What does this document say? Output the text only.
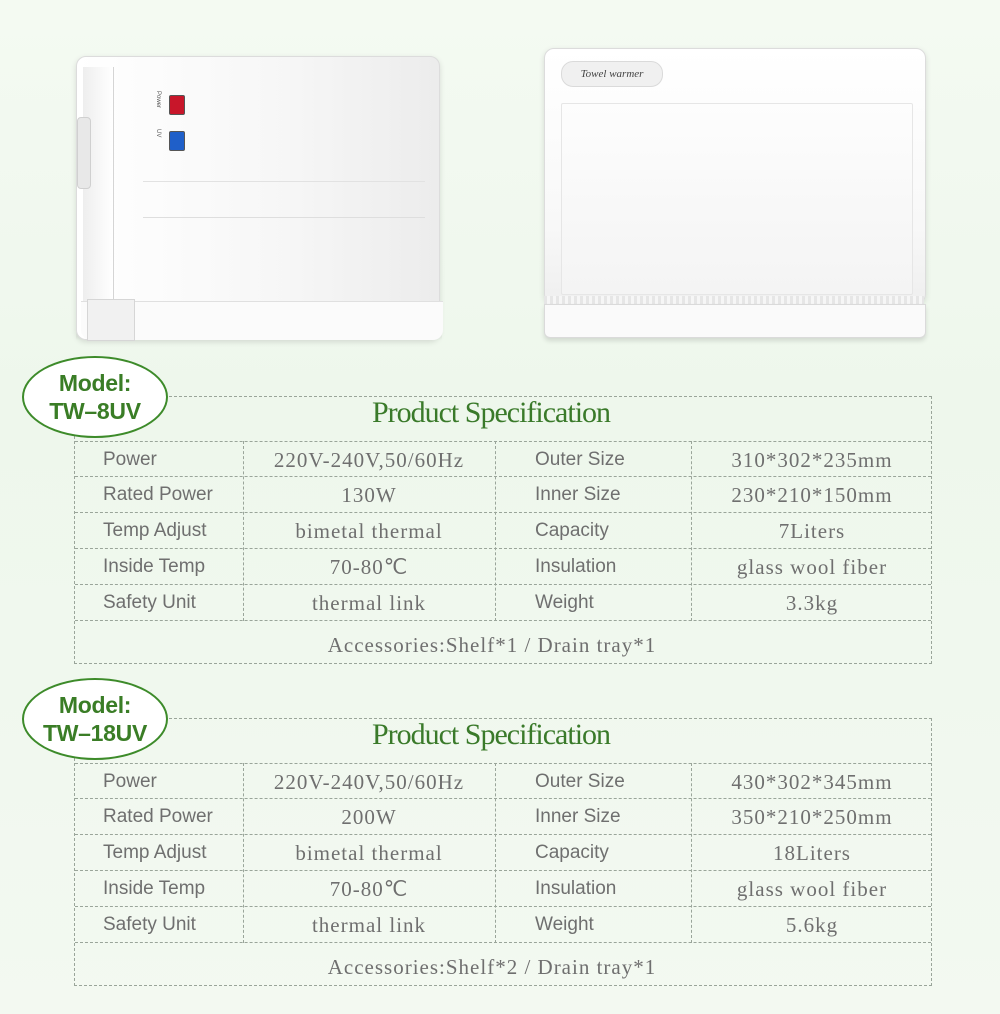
Power
UV
Towel warmer
Product Specification
Power	220V-240V,50/60Hz	Outer Size	310*302*235mm
Rated Power	130W	Inner Size	230*210*150mm
Temp Adjust	bimetal thermal	Capacity	7Liters
Inside Temp	70-80℃	Insulation	glass wool fiber
Safety Unit	thermal link	Weight	3.3kg
Accessories:Shelf*1 / Drain tray*1
Model:
TW–8UV
Product Specification
Power	220V-240V,50/60Hz	Outer Size	430*302*345mm
Rated Power	200W	Inner Size	350*210*250mm
Temp Adjust	bimetal thermal	Capacity	18Liters
Inside Temp	70-80℃	Insulation	glass wool fiber
Safety Unit	thermal link	Weight	5.6kg
Accessories:Shelf*2 / Drain tray*1
Model:
TW–18UV
